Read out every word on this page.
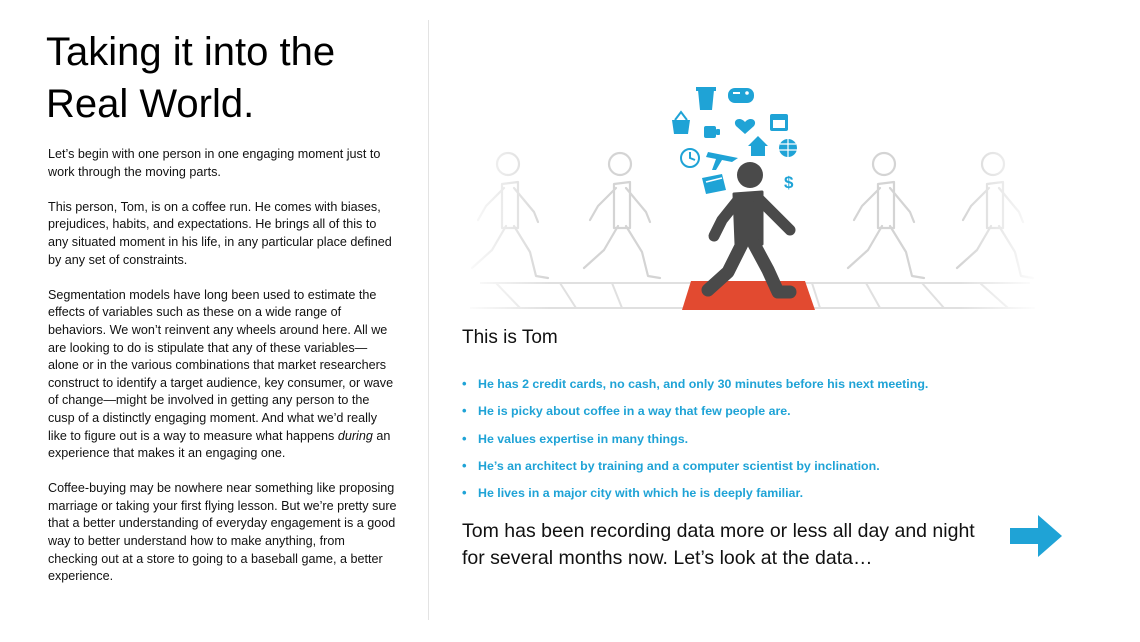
Taking it into the
Real World.

Let’s begin with one person in one engaging moment just to work through the moving parts.

This person, Tom, is on a coffee run. He comes with biases, prejudices, habits, and expectations. He brings all of this to any situated moment in his life, in any particular place defined by any set of constraints.

Segmentation models have long been used to estimate the effects of variables such as these on a wide range of behaviors. We won’t reinvent any wheels around here. All we are looking to do is stipulate that any of these variables—alone or in the various combinations that market researchers construct to identify a target audience, key consumer, or wave of change—might be involved in getting any person to the cusp of a distinctly engaging moment. And what we’d really like to figure out is a way to measure what happens during an experience that makes it an engaging one.

Coffee-buying may be nowhere near something like proposing marriage or taking your first flying lesson. But we’re pretty sure that a better understanding of everyday engagement is a good way to better understand how to make anything, from checking out at a store to going to a baseball game, a better experience.

$
This is Tom
• He has 2 credit cards, no cash, and only 30 minutes before his next meeting.
• He is picky about coffee in a way that few people are.
• He values expertise in many things.
• He’s an architect by training and a computer scientist by inclination.
• He lives in a major city with which he is deeply familiar.
Tom has been recording data more or less all day and night
for several months now. Let’s look at the data…
